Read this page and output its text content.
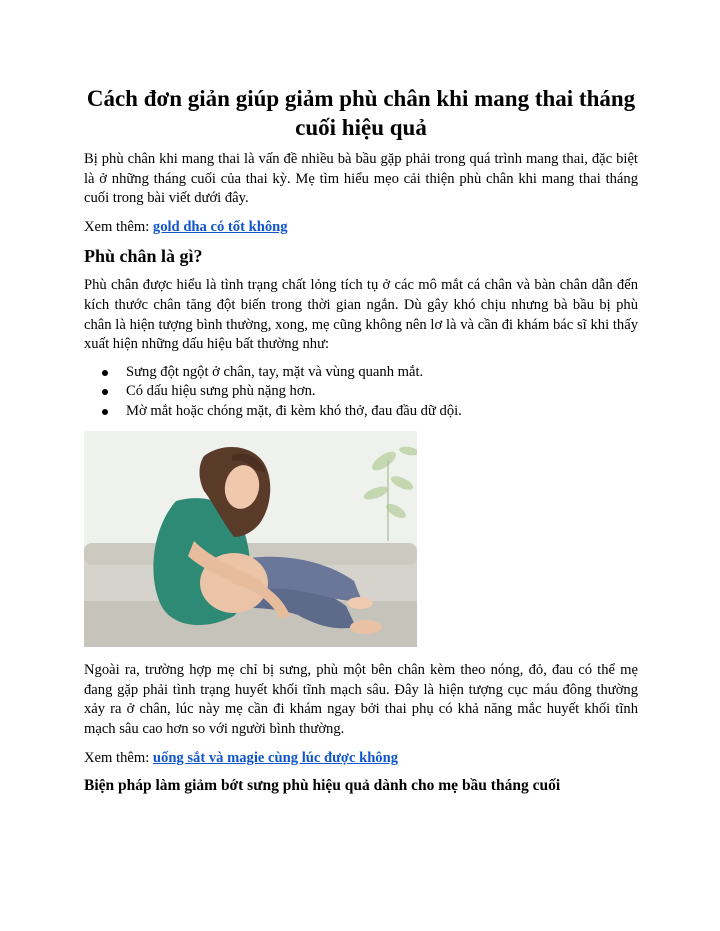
Cách đơn giản giúp giảm phù chân khi mang thai tháng cuối hiệu quả

Bị phù chân khi mang thai là vấn đề nhiều bà bầu gặp phải trong quá trình mang thai, đặc biệt là ở những tháng cuối của thai kỳ. Mẹ tìm hiểu mẹo cải thiện phù chân khi mang thai tháng cuối trong bài viết dưới đây.

Xem thêm: gold dha có tốt không

Phù chân là gì?

Phù chân được hiểu là tình trạng chất lỏng tích tụ ở các mô mắt cá chân và bàn chân dẫn đến kích thước chân tăng đột biến trong thời gian ngắn. Dù gây khó chịu nhưng bà bầu bị phù chân là hiện tượng bình thường, xong, mẹ cũng không nên lơ là và cần đi khám bác sĩ khi thấy xuất hiện những dấu hiệu bất thường như:

Sưng đột ngột ở chân, tay, mặt và vùng quanh mắt.
Có dấu hiệu sưng phù nặng hơn.
Mờ mắt hoặc chóng mặt, đi kèm khó thở, đau đầu dữ dội.

Ngoài ra, trường hợp mẹ chỉ bị sưng, phù một bên chân kèm theo nóng, đỏ, đau có thể mẹ đang gặp phải tình trạng huyết khối tĩnh mạch sâu. Đây là hiện tượng cục máu đông thường xảy ra ở chân, lúc này mẹ cần đi khám ngay bởi thai phụ có khả năng mắc huyết khối tĩnh mạch sâu cao hơn so với người bình thường.

Xem thêm: uống sắt và magie cùng lúc được không

Biện pháp làm giảm bớt sưng phù hiệu quả dành cho mẹ bầu tháng cuối
